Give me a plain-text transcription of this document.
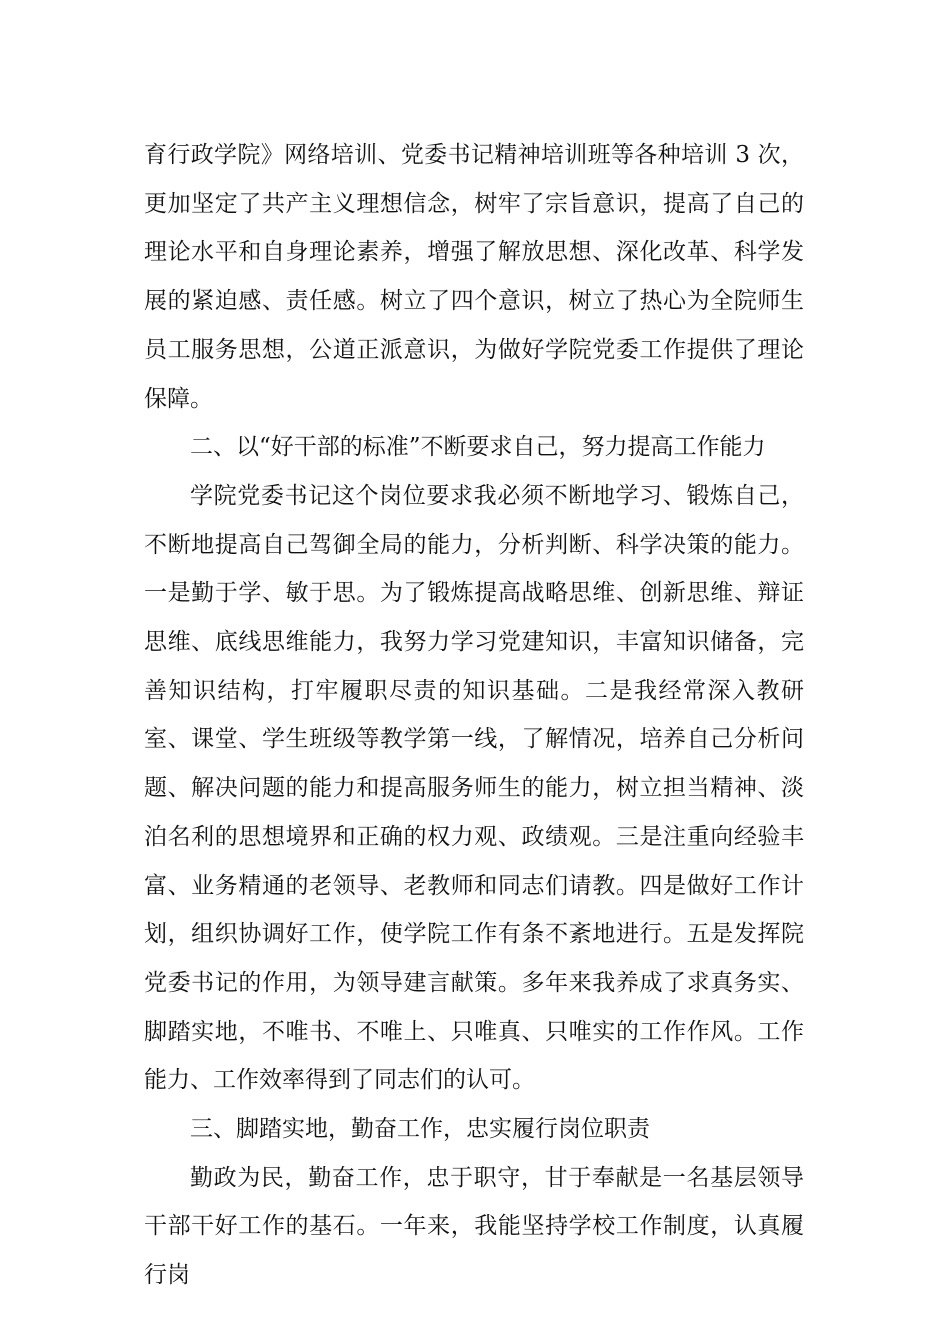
育行政学院》网络培训、党委书记精神培训班等各种培训 3 次，更加坚定了共产主义理想信念，树牢了宗旨意识，提高了自己的理论水平和自身理论素养，增强了解放思想、深化改革、科学发展的紧迫感、责任感。树立了四个意识，树立了热心为全院师生员工服务思想，公道正派意识，为做好学院党委工作提供了理论保障。

二、以“好干部的标准”不断要求自己，努力提高工作能力

学院党委书记这个岗位要求我必须不断地学习、锻炼自己，不断地提高自己驾御全局的能力，分析判断、科学决策的能力。一是勤于学、敏于思。为了锻炼提高战略思维、创新思维、辩证思维、底线思维能力，我努力学习党建知识，丰富知识储备，完善知识结构，打牢履职尽责的知识基础。二是我经常深入教研室、课堂、学生班级等教学第一线，了解情况，培养自己分析问题、解决问题的能力和提高服务师生的能力，树立担当精神、淡泊名利的思想境界和正确的权力观、政绩观。三是注重向经验丰富、业务精通的老领导、老教师和同志们请教。四是做好工作计划，组织协调好工作，使学院工作有条不紊地进行。五是发挥院党委书记的作用，为领导建言献策。多年来我养成了求真务实、脚踏实地，不唯书、不唯上、只唯真、只唯实的工作作风。工作能力、工作效率得到了同志们的认可。

三、脚踏实地，勤奋工作，忠实履行岗位职责

勤政为民，勤奋工作，忠于职守，甘于奉献是一名基层领导干部干好工作的基石。一年来，我能坚持学校工作制度，认真履行岗
